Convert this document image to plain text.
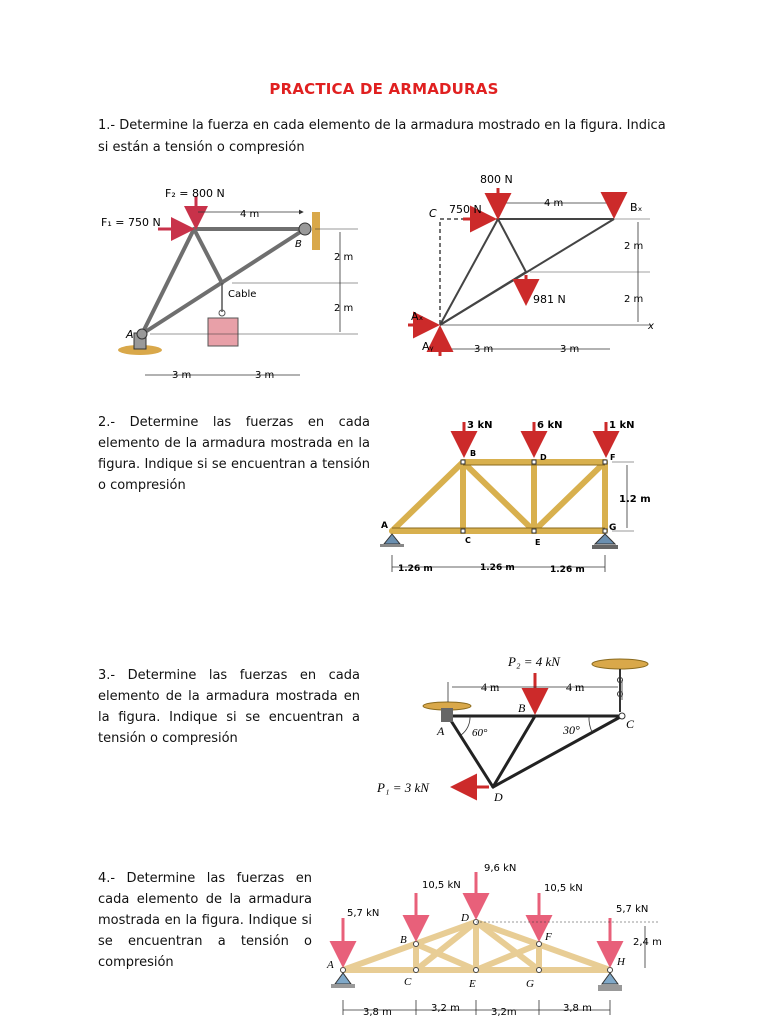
PRACTICA DE ARMADURAS
1.- Determine la fuerza en cada elemento de la armadura mostrado en la figura. Indica si están a tensión o compresión
F₂ = 800 N
F₁ = 750 N
4 m
B
A
Cable
2 m
2 m
3 m	3 m
800 N
750 N
C
4 m	Bₓ
2 m
2 m
981 N
Aₓ
Aᵧ
x
3 m	3 m
2.- Determine las fuerzas en cada elemento de la armadura mostrada en la figura. Indique si se encuentran a tensión o compresión
3 kN	6 kN	1 kN
B	D	F
A
C	E
G
1.2 m
1.26 m	1.26 m	1.26 m
3.- Determine las fuerzas en cada elemento de la armadura mostrada en la figura. Indique si se encuentran a tensión o compresión
P₂ = 4 kN
4 m	4 m
A
B
C
D
60°	30°
P₁ = 3 kN
4.- Determine las fuerzas en cada elemento de la armadura mostrada en la figura. Indique si se encuentran a tensión o compresión
9,6 kN
10,5 kN	10,5 kN
5,7 kN	5,7 kN
A
B
C
D
E
F
G
H
2,4 m
3,8 m	3,2 m	3,2m	3,8 m
